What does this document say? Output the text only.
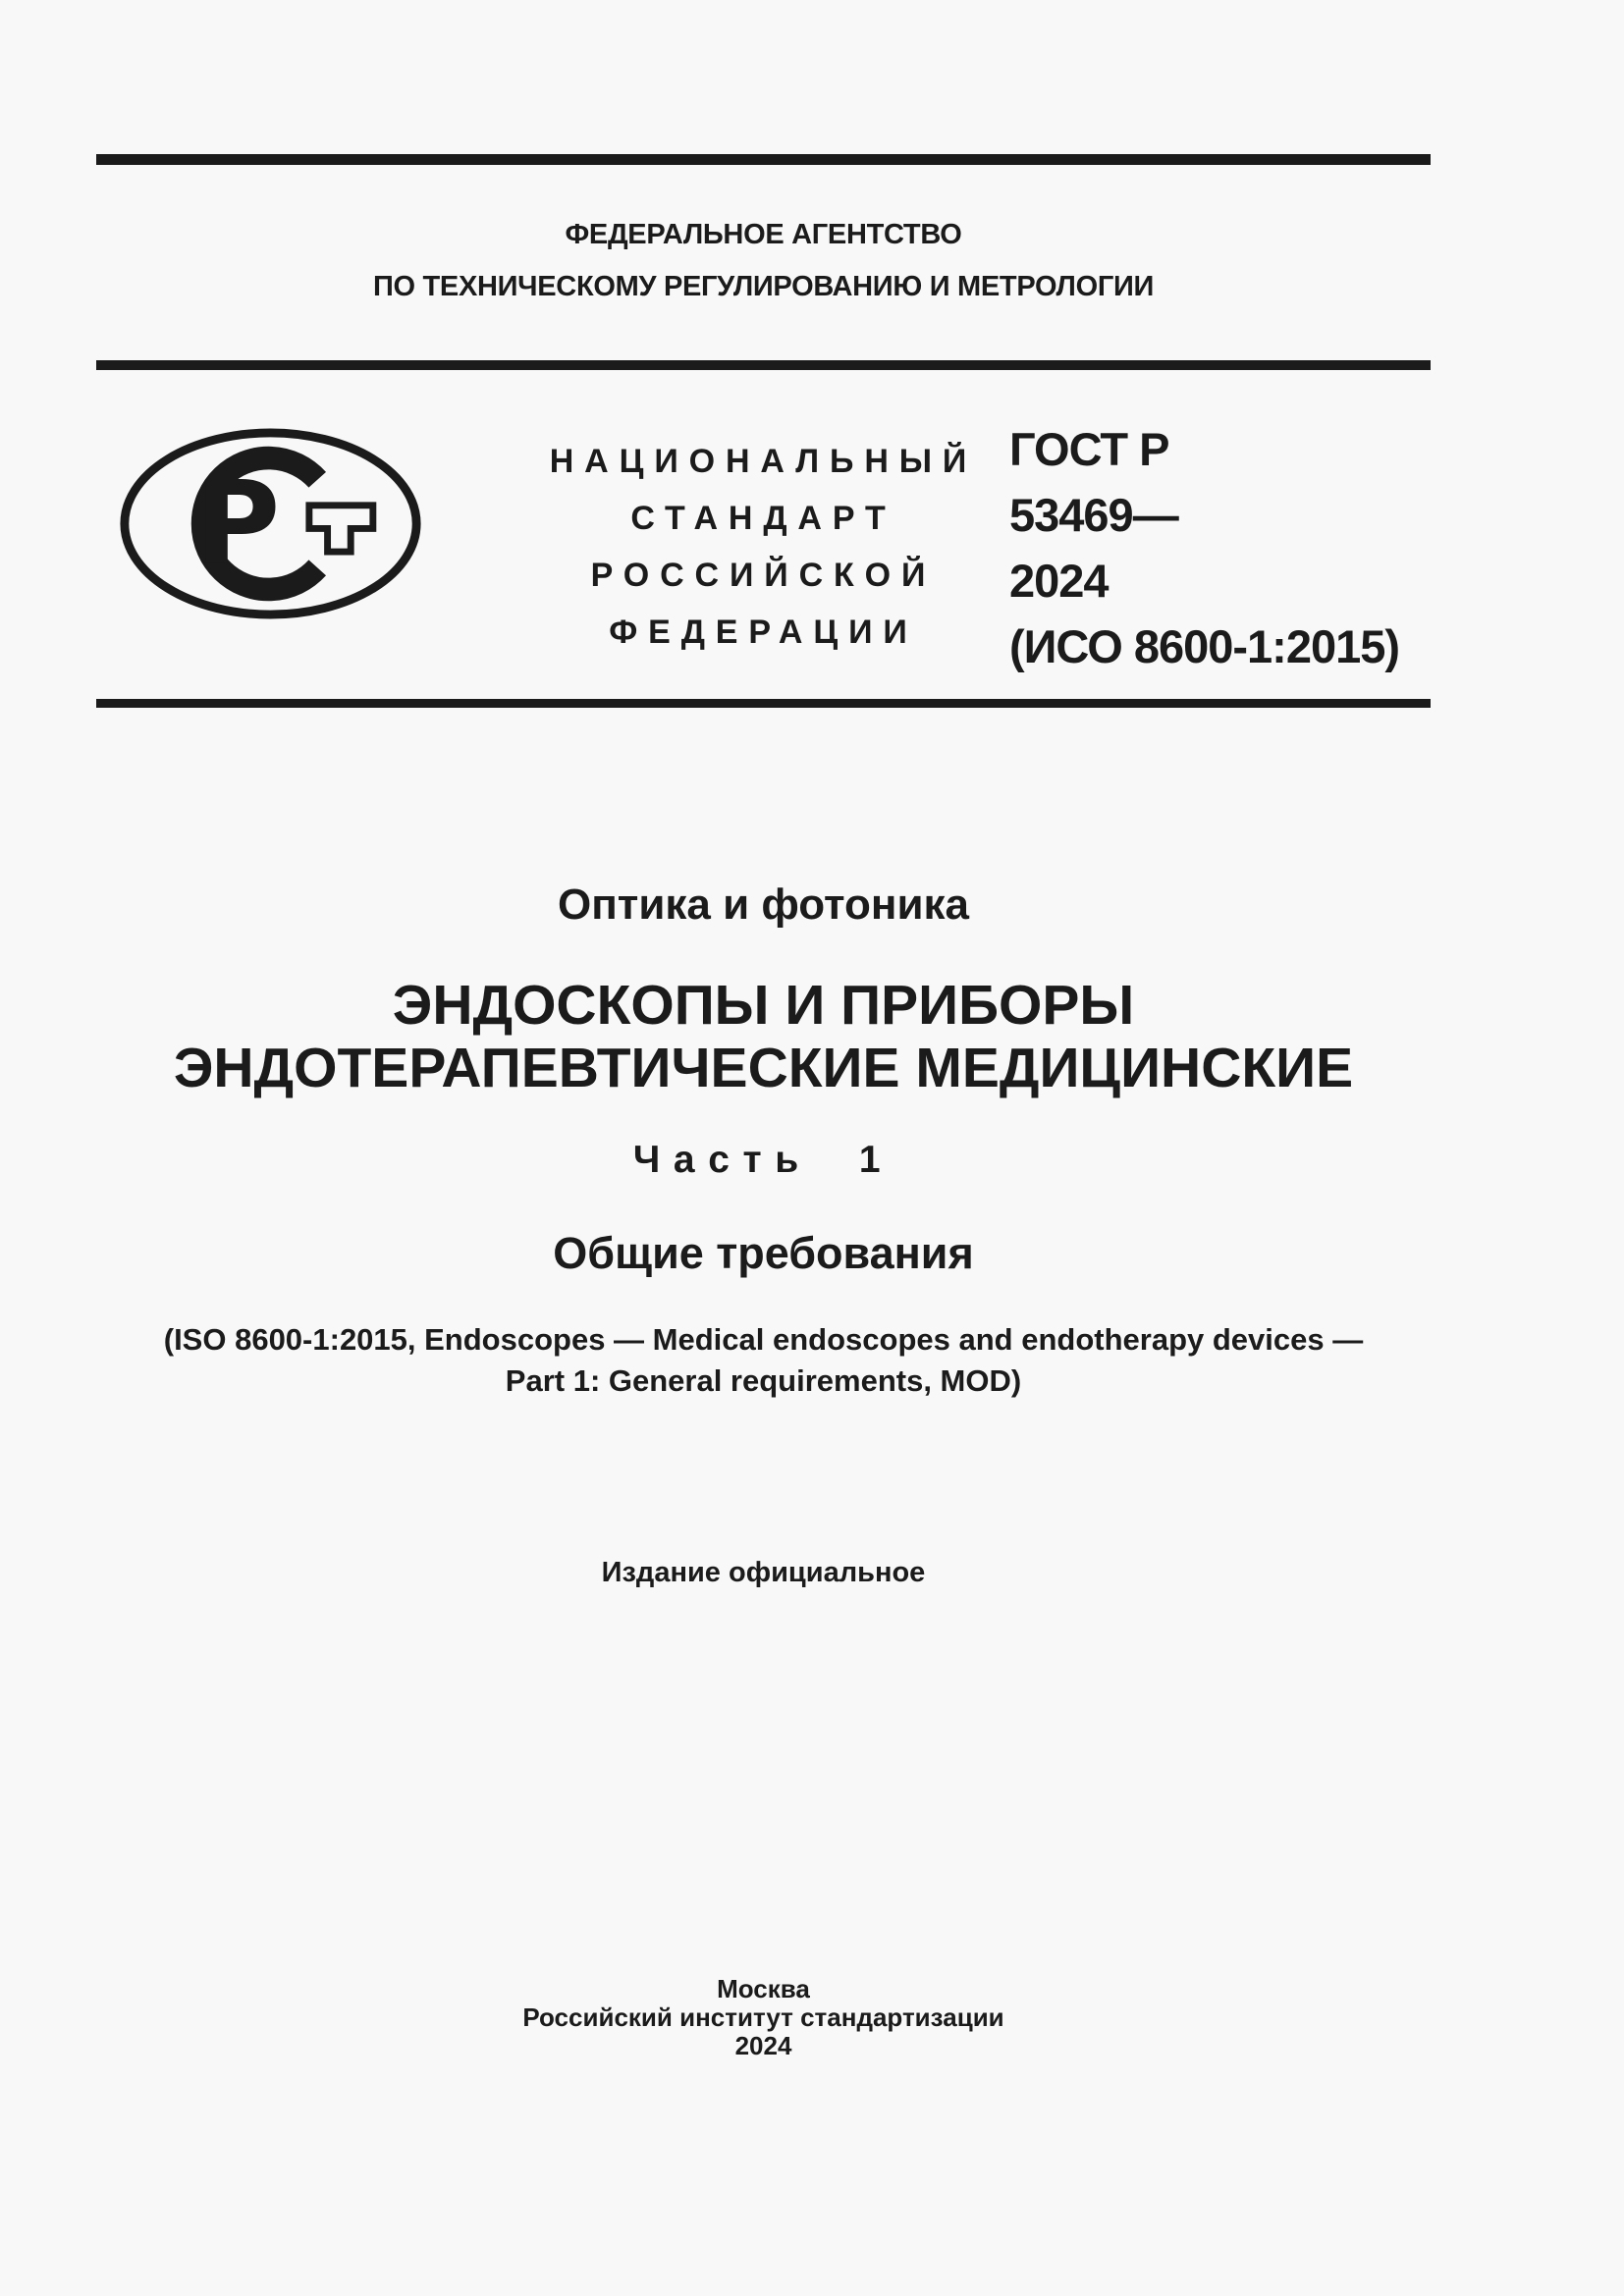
ФЕДЕРАЛЬНОЕ АГЕНТСТВО
ПО ТЕХНИЧЕСКОМУ РЕГУЛИРОВАНИЮ И МЕТРОЛОГИИ
Р	НАЦИОНАЛЬНЫЙ
СТАНДАРТ
РОССИЙСКОЙ
ФЕДЕРАЦИИ
ГОСТ Р
53469—
2024
(ИСО 8600-1:2015)
Оптика и фотоника
ЭНДОСКОПЫ И ПРИБОРЫ
ЭНДОТЕРАПЕВТИЧЕСКИЕ МЕДИЦИНСКИЕ
Часть 1
Общие требования
(ISO 8600-1:2015, Endoscopes — Medical endoscopes and endotherapy devices —
Part 1: General requirements, MOD)
Издание официальное
Москва
Российский институт стандартизации
2024
